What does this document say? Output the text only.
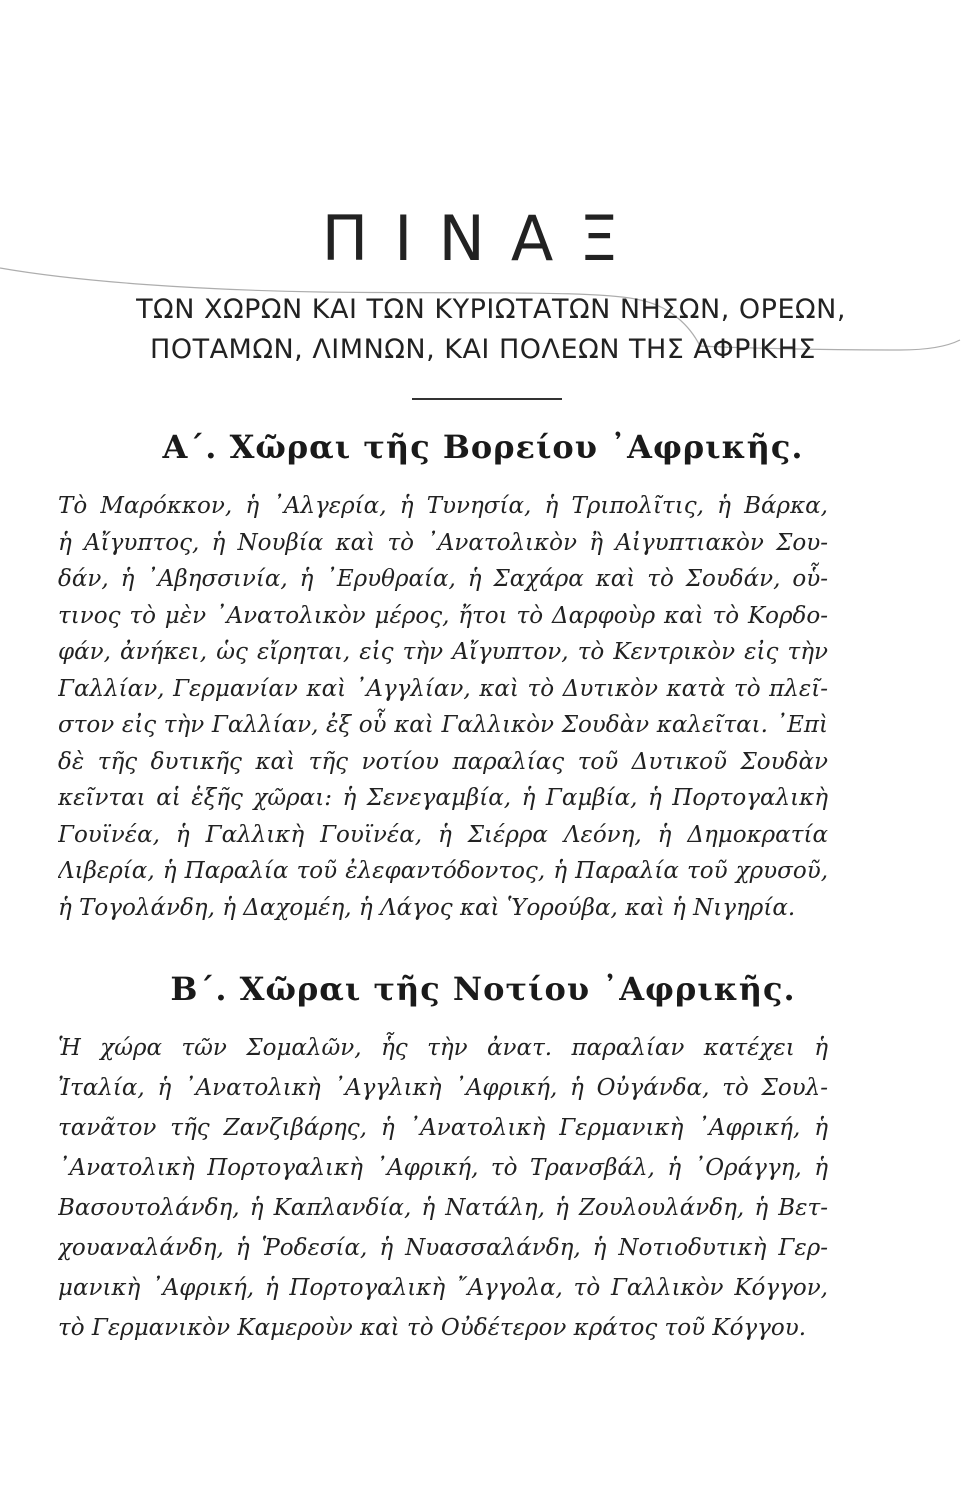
ΠΙΝΑΞ
ΤΩΝ ΧΩΡΩΝ ΚΑΙ ΤΩΝ ΚΥΡΙΩΤΑΤΩΝ ΝΗΣΩΝ, ΟΡΕΩΝ,
ΠΟΤΑΜΩΝ, ΛΙΜΝΩΝ, ΚΑΙ ΠΟΛΕΩΝ ΤΗΣ ΑΦΡΙΚΗΣ
Α΄. Χῶραι τῆς Βορείου ᾿Αφρικῆς.
Τὸ Μαρόκκον, ἡ ᾿Αλγερία, ἡ Τυνησία, ἡ Τριπολῖτις, ἡ Βάρκα,
ἡ Αἴγυπτος, ἡ Νουβία καὶ τὸ ᾿Ανατολικὸν ἢ Αἰγυπτιακὸν Σου-
δάν, ἡ ᾿Αβησσινία, ἡ ᾿Ερυθραία, ἡ Σαχάρα καὶ τὸ Σουδάν, οὗ-
τινος τὸ μὲν ᾿Ανατολικὸν μέρος, ἤτοι τὸ Δαρφοὺρ καὶ τὸ Κορδο-
φάν, ἀνήκει, ὡς εἴρηται, εἰς τὴν Αἴγυπτον, τὸ Κεντρικὸν εἰς τὴν
Γαλλίαν, Γερμανίαν καὶ ᾿Αγγλίαν, καὶ τὸ Δυτικὸν κατὰ τὸ πλεῖ-
στον εἰς τὴν Γαλλίαν, ἐξ οὗ καὶ Γαλλικὸν Σουδὰν καλεῖται. ᾿Επὶ
δὲ τῆς δυτικῆς καὶ τῆς νοτίου παραλίας τοῦ Δυτικοῦ Σουδὰν
κεῖνται αἱ ἑξῆς χῶραι: ἡ Σενεγαμβία, ἡ Γαμβία, ἡ Πορτογαλικὴ
Γουϊνέα, ἡ Γαλλικὴ Γουϊνέα, ἡ Σιέρρα Λεόνη, ἡ Δημοκρατία
Λιβερία, ἡ Παραλία τοῦ ἐλεφαντόδοντος, ἡ Παραλία τοῦ χρυσοῦ,
ἡ Τογολάνδη, ἡ Δαχομέη, ἡ Λάγος καὶ Ὑορούβα, καὶ ἡ Νιγηρία.
Β΄. Χῶραι τῆς Νοτίου ᾿Αφρικῆς.
Ἡ χώρα τῶν Σομαλῶν, ἧς τὴν ἀνατ. παραλίαν κατέχει ἡ
Ἰταλία, ἡ ᾿Ανατολικὴ ᾿Αγγλικὴ ᾿Αφρική, ἡ Οὐγάνδα, τὸ Σουλ-
τανᾶτον τῆς Ζανζιβάρης, ἡ ᾿Ανατολικὴ Γερμανικὴ ᾿Αφρική, ἡ
᾿Ανατολικὴ Πορτογαλικὴ ᾿Αφρική, τὸ Τρανσβάλ, ἡ ᾿Οράγγη, ἡ
Βασουτολάνδη, ἡ Καπλανδία, ἡ Νατάλη, ἡ Ζουλουλάνδη, ἡ Βετ-
χουαναλάνδη, ἡ Ῥοδεσία, ἡ Νυασσαλάνδη, ἡ Νοτιοδυτικὴ Γερ-
μανικὴ ᾿Αφρική, ἡ Πορτογαλικὴ ῎Αγγολα, τὸ Γαλλικὸν Κόγγον,
τὸ Γερμανικὸν Καμεροὺν καὶ τὸ Οὐδέτερον κράτος τοῦ Κόγγου.
